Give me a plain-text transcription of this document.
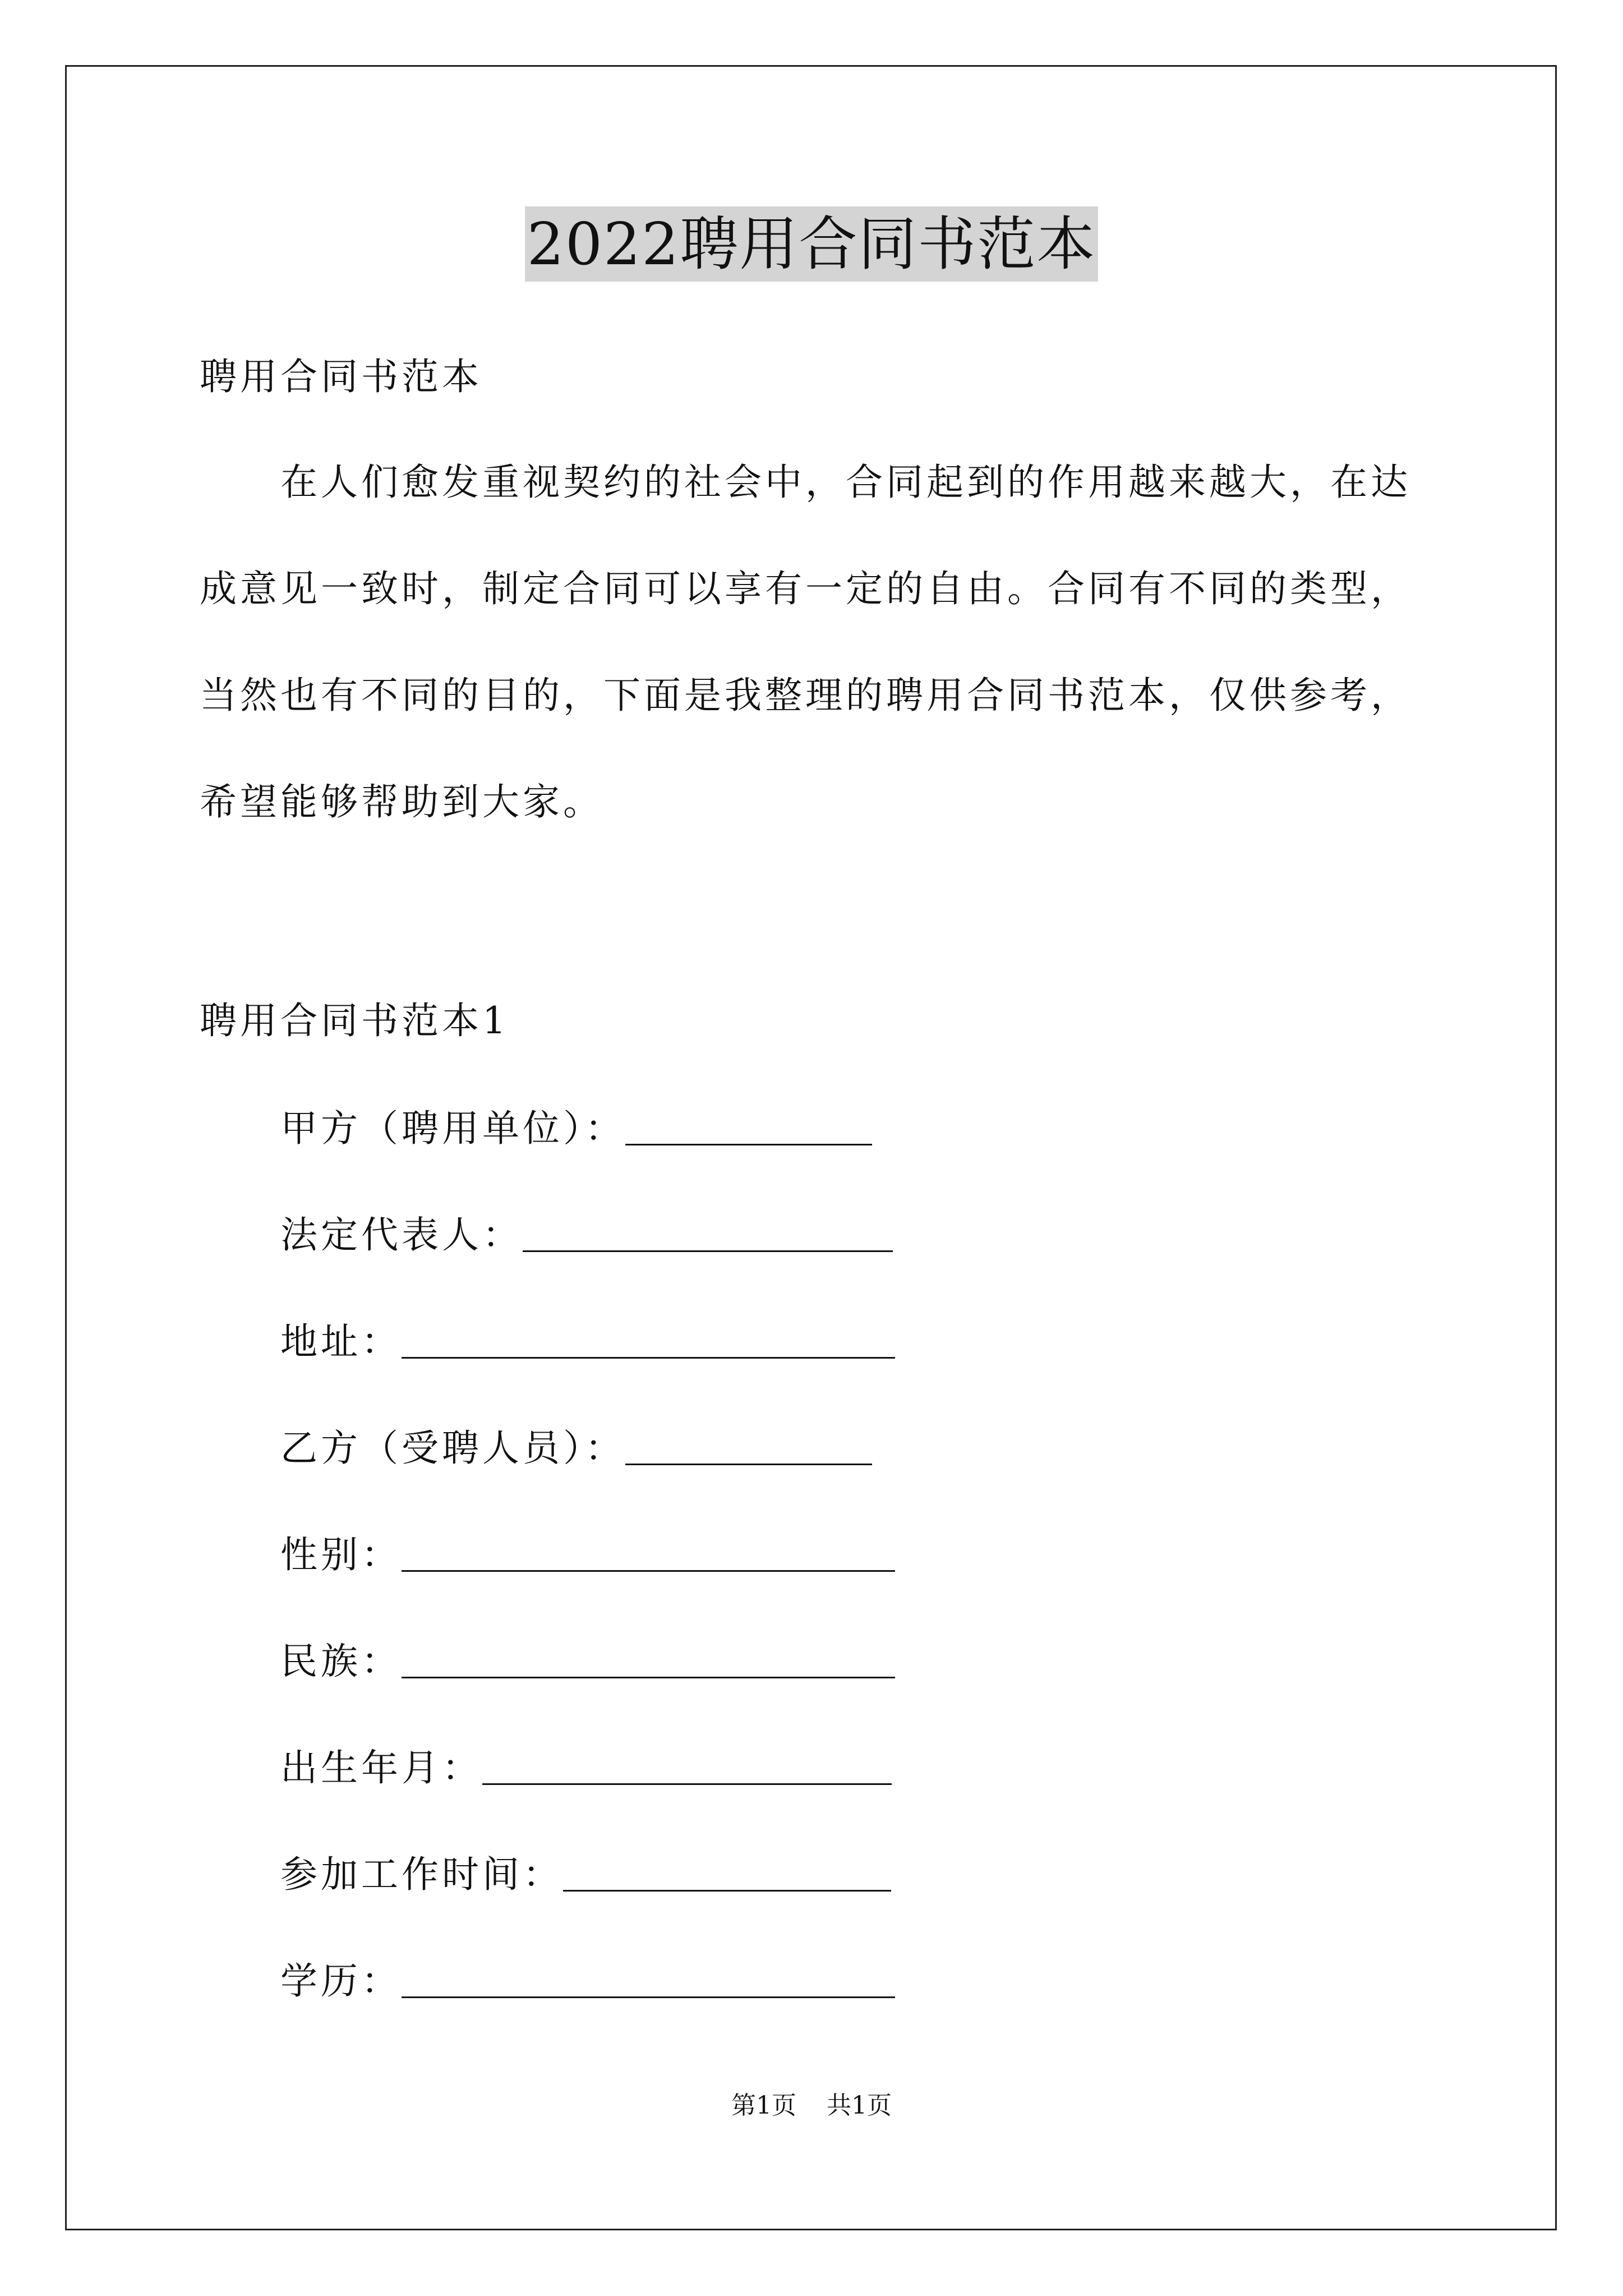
2022聘用合同书范本
聘用合同书范本
在人们愈发重视契约的社会中，合同起到的作用越来越大，在达
成意见一致时，制定合同可以享有一定的自由。合同有不同的类型，
当然也有不同的目的，下面是我整理的聘用合同书范本，仅供参考，
希望能够帮助到大家。
聘用合同书范本1
甲方（聘用单位）：
法定代表人：
地址：
乙方（受聘人员）：
性别：
民族：
出生年月：
参加工作时间：
学历：
第1页 共1页
